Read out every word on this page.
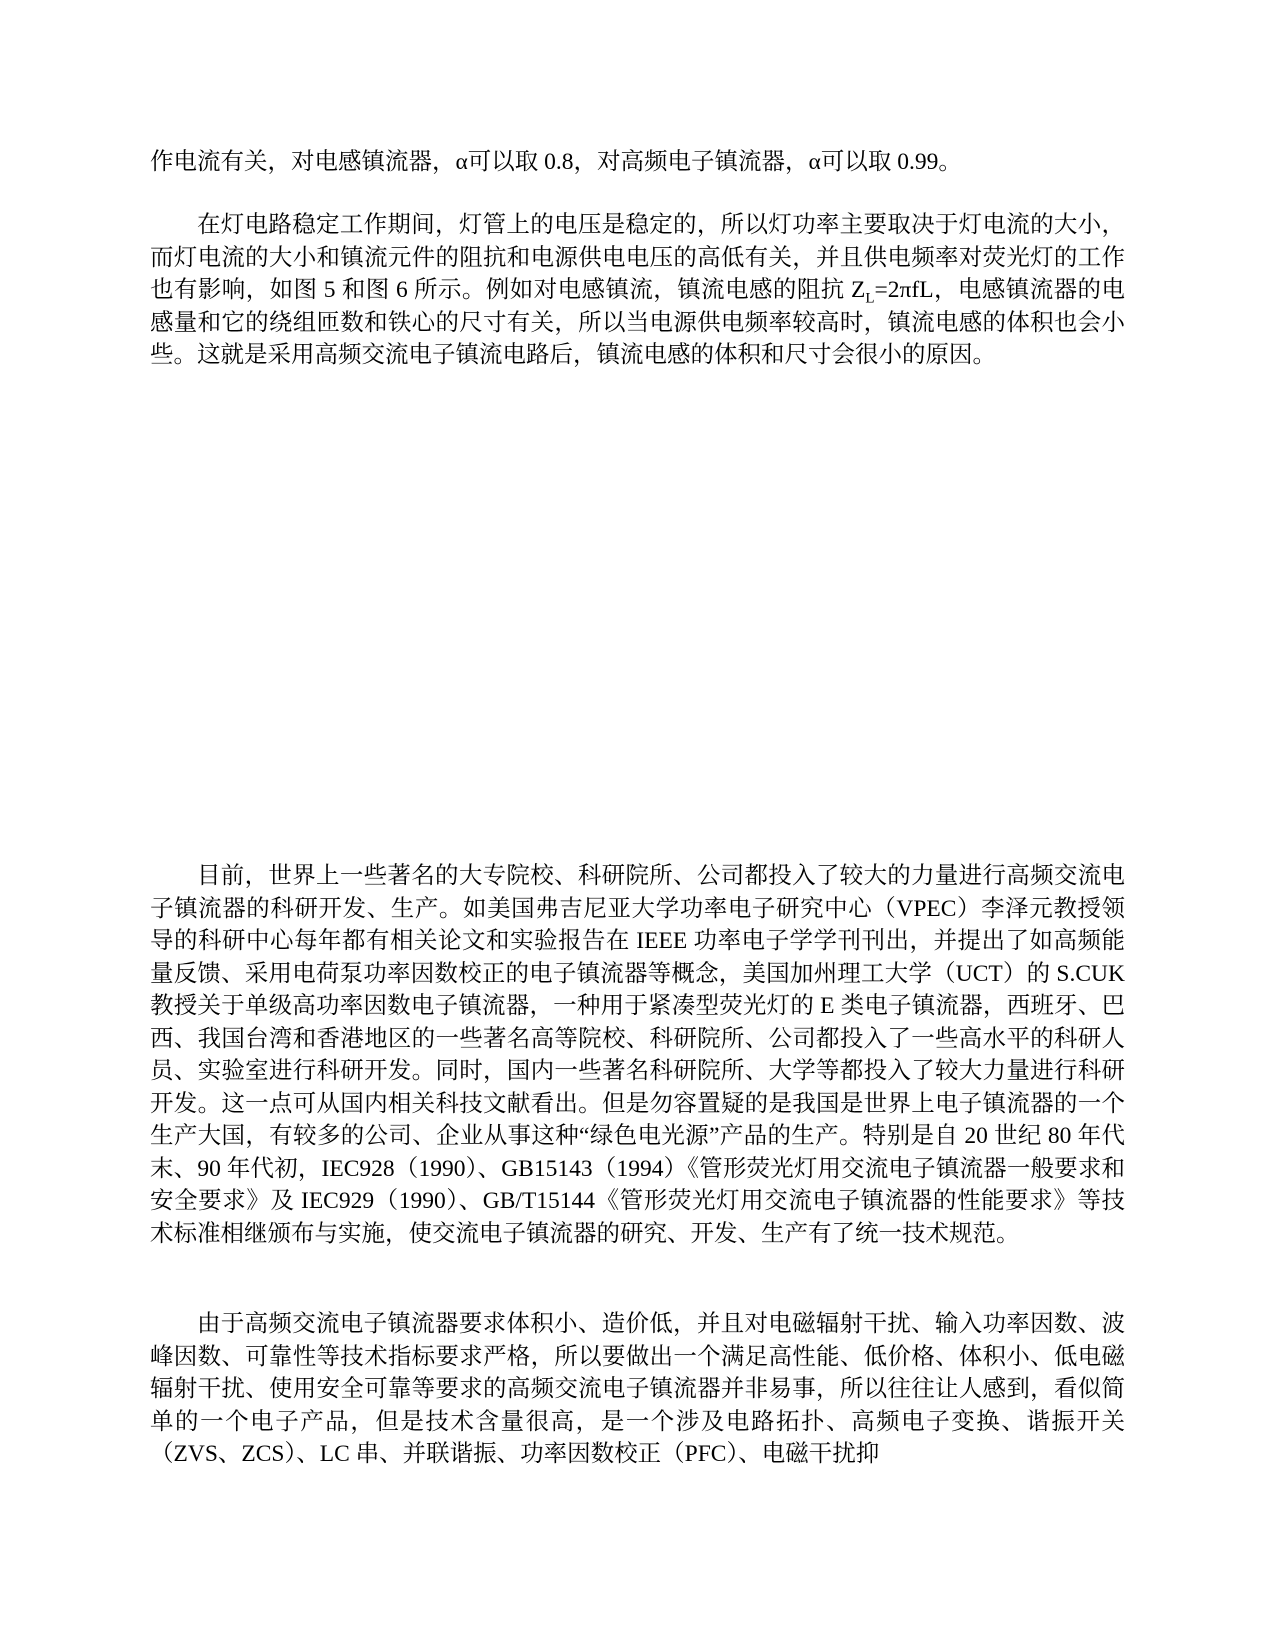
作电流有关，对电感镇流器，α可以取 0.8，对高频电子镇流器，α可以取 0.99。

在灯电路稳定工作期间，灯管上的电压是稳定的，所以灯功率主要取决于灯电流的大小，而灯电流的大小和镇流元件的阻抗和电源供电电压的高低有关，并且供电频率对荧光灯的工作也有影响，如图 5 和图 6 所示。例如对电感镇流，镇流电感的阻抗 $Z_L=2\pi fL$，电感镇流器的电感量和它的绕组匝数和铁心的尺寸有关，所以当电源供电频率较高时，镇流电感的体积也会小些。这就是采用高频交流电子镇流电路后，镇流电感的体积和尺寸会很小的原因。

目前，世界上一些著名的大专院校、科研院所、公司都投入了较大的力量进行高频交流电子镇流器的科研开发、生产。如美国弗吉尼亚大学功率电子研究中心（VPEC）李泽元教授领导的科研中心每年都有相关论文和实验报告在 IEEE 功率电子学学刊刊出，并提出了如高频能量反馈、采用电荷泵功率因数校正的电子镇流器等概念，美国加州理工大学（UCT）的 S.CUK 教授关于单级高功率因数电子镇流器，一种用于紧凑型荧光灯的 E 类电子镇流器，西班牙、巴西、我国台湾和香港地区的一些著名高等院校、科研院所、公司都投入了一些高水平的科研人员、实验室进行科研开发。同时，国内一些著名科研院所、大学等都投入了较大力量进行科研开发。这一点可从国内相关科技文献看出。但是勿容置疑的是我国是世界上电子镇流器的一个生产大国，有较多的公司、企业从事这种“绿色电光源”产品的生产。特别是自 20 世纪 80 年代末、90 年代初，IEC928（1990）、GB15143（1994）《管形荧光灯用交流电子镇流器一般要求和安全要求》及 IEC929（1990）、GB/T15144《管形荧光灯用交流电子镇流器的性能要求》等技术标准相继颁布与实施，使交流电子镇流器的研究、开发、生产有了统一技术规范。

由于高频交流电子镇流器要求体积小、造价低，并且对电磁辐射干扰、输入功率因数、波峰因数、可靠性等技术指标要求严格，所以要做出一个满足高性能、低价格、体积小、低电磁辐射干扰、使用安全可靠等要求的高频交流电子镇流器并非易事，所以往往让人感到，看似简单的一个电子产品，但是技术含量很高，是一个涉及电路拓扑、高频电子变换、谐振开关（ZVS、ZCS）、LC 串、并联谐振、功率因数校正（PFC）、电磁干扰抑
